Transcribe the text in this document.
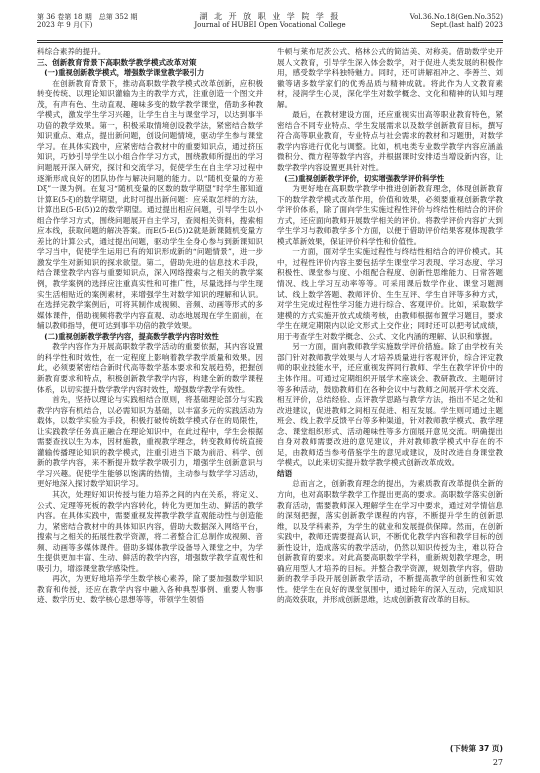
第 36 卷第 18 期　总第 352 期
2023 年 9 月(下)
湖 北 开 放 职 业 学 院 学 报
Journal of HUBEI Open Vocational College
Vol.36.No.18(Gen.No.352)
Sept.(last half) 2023

科综合素养的提升。

三、创新教育背景下高职数学教学模式改革对策

(一)重视创新教学模式，增强数学课堂教学吸引力

在创新教育背景下，推动高职数学教学模式改革创新，应积极转变传统、以理论知识灌输为主的教学方式，注重创造一个图文并茂，有声有色、生动直观、趣味多变的数学教学课堂，借助多种教学模式，激发学生学习兴趣，让学生自主与课堂学习，以达到事半功倍的教学效果。第一，积极采取情境创设教学法，紧密结合数学知识重点、难点，提出新问题，创设问题情境，驱动学生参与课堂学习。在具体实践中，应紧密结合教材中的重要知识点，通过挤压知识，巧妙引导学生以小组合作学习方式，围绕教师所提出的学习问题展开深入研究，探讨和交流学习，促使学生在自主学习过程中逐渐形成良好的团队协作与解决问题的能力。以“随机变量的方差Dξ”一课为例。在复习“随机变量的区数的数学期望”时学生都知道计算E(5-ξ)的数学期望，此时可提出新问题：应采取怎样的方法，计算出E(5-E(5))2的数学期望。通过提出相应问题，引导学生以小组合作学习方式，围绕问题展开自主学习，查阅相关资料，搜索相应本线，获取问题的解决答案。而E(5-E(5))2就是新课随机变量方差比的计算公式，通过提出问题，驱动学生全身心参与到新课知识学习当中，促使学生运用已有的知识形成新的“问题情景”，进一步激发学生对新知识的探求欲望。第二，借助先进的信息技术手段，结合课堂教学内容与重要知识点，深入网络搜索与之相关的教学案例，教学案例的选择应注重真实性和可推广性，尽量选择与学生现实生活相贴近的案例素材，来增强学生对数学知识的理解和认识。在选择完教学案例后，可将其制作成视频、音频、动画等形式的多媒体课件，借助视频将教学内容直观、动态地展现在学生面前，在辅以教师指导，便可达到事半功倍的教学效果。

(二)重视创新教学教学内容，提高数学教学内容时效性

教学内容作为开展高职数学教学活动的重要依据，其内容设置的科学性和时效性，在一定程度上影响着教学教学质量和效果。因此，必须要紧密结合新时代高等数学基本要求和发展趋势，把握创新教育要求和特点，积极创新教学教学内容，构建全新的数学课程体系，以切实提升数学教学内容时效性，增强数学教学有效性。

首先，坚持以理论与实践相结合原则，将基础理论部分与实践教学内容有机结合，以必需知识为基础，以丰富多元的实践活动为载体，以数学实验为手段，积极打破传统数学模式存在的局限性，让实践教学任务真正融合在理论知识中，在此过程中，学生会根据需要查找以生为本，因材施教，重视教学理念，转变教师传统直接灌输传播理论知识的教学模式，注重引进当下最为前沿、科学、创新的教学内容，来不断提升数学教学吸引力，增强学生创新意识与学习兴趣。促使学生能够以饱满的热情，主动参与数学学习活动，更好地深入探讨数学知识学习。

其次，处理好知识传授与能力培养之间的内在关系，将定义、公式、定理等死板的教学内容转化，转化为更加生动、鲜活的教学内容。在具体实践中，需要重视发挥教学教学直观能动性与创造能力，紧密结合教材中的具体知识内容，借助大数据深入网络平台，搜索与之相关的拓展性教学资源，将二者整合汇总制作成视频、音频、动画等多媒体课件。借助多媒体教学设备导入课堂之中，为学生提供更加丰富、生动、鲜活的教学内容，增强数学教学直观性和吸引力，增添课堂教学感染性。

再次，为更好地培养学生数学核心素养，除了要加强数学知识教育和传授，还应在教学内容中融入各种典型事例、重要人物事迹、数学历史、数学核心思想等等，带领学生领悟

牛顿与莱布尼茨公式、格林公式的简洁美、对称美。借助数学史开展人文教育，引导学生深入体会数学，对于促进人类发展的积极作用，感受数学学科独特魅力。同时，还可讲解祖冲之、李善兰、刘徽等诸多数学家们的优秀品质与精神成就。将此作为人文教育素材，浸润学生心灵，深化学生对数学概念、文化和精神的认知与理解。

最后，在教材建设方面，还应重视实出高等职业教育特色，紧密结合不同专业特点、学生发展需求以及数学创新教育目标，撰写符合高等职业教育，专业特点与社会需求的教材和习题册，对数学教学内容进行优化与调整。比如，机电类专业数学教学内容应涵盖微积分、微方程等数学内容，并根据课时安排适当增设新内容，让数学教学内容设置更具针对性。

(三)重视创新教学评价，切实增强教学评价科学性

为更好地在高职数学教学中推进创新教育理念，体现创新教育下的数学教学模式改革作用，价值和效果，必须要重视创新教学教学评价体系，除了面向学生实施过程性评价与终结性相结合的评价方式，还应面向教师开展数学相关的评价。将教学评价内容扩大到学生学习与教师教学多个方面，以便于借助评价结果客观体现教学模式革新效果，保证评价科学性和价值性。

一方面，面对学生实施过程性与终结性相结合的评价模式。其中，过程性评价内容主要包括学生课堂学习表现、学习态度、学习积极性、课堂参与度、小组配合程度、创新性思维能力、日常答题情况、线上学习互动率等等。可采用课后数学作业、课堂习题测试、线上数学答题、教师评价、生生互评、学生自评等多种方式，对学生完成过程性学习能力进行综合、客观评价。比如，采取数学建模的方式实施开放式成绩考核，由教师根据布置学习题目，要求学生在规定期限内以论文形式上交作业；同时还可以把考试成绩，用于考查学生对数学概念、公式、文化内涵的理解、认识和掌握。

另一方面，面向教师教学实施数学评价措施。除了由学校有关部门针对教师教学效果与人才培养质量进行客观评价，综合评定教师的职业技能水平，还应重视发挥同行教师、学生在教学评价中的主体作用。可通过定期组织开展学术座谈会、教研教改、主题研讨等多种活动，鼓励教师们在各种会议中与教师之间展开学术交流、相互评价，总结经验、点评教学思路与教学方法，指出不足之处和改进建议，促进教师之间相互促进、相互发展。学生则可通过主题班会、线上教学反馈平台等多种渠道，针对教师教学模式、教学理念、课堂组织形式、活动趣味性等多方面展开意见交流。明确提出自身对教师需要改进的意见建议，并对教师教学模式中存在的不足，由教师适当参考借鉴学生的意见或建议，及时改进自身课堂教学模式，以此来切实提升数学教学模式创新改革成效。

结语

总而言之，创新教育理念的提出，为素质教育改革提供全新的方向，也对高职数学教学工作提出更高的要求。高职数学落实创新教育活动，需要教师深入理解学生在学习中要求，通过对学情信息的深刻把握，落实创新教学课程的内容，不断提升学生的创新思维，以及学科素养，为学生的就业和发展提供保障。然而，在创新实践中，教师还需要提高认识，不断优化教学内容和教学目标的创新性设计，造成落实的教学活动，仍然以知识传授为主，难以符合创新教育的要求。对此高要高职数学学科，重新规划教学理念，明确应用型人才培养的目标。并整合教学资源，规划教学内容，借助新的教学手段开展创新教学活动，不断提高教学的创新性和实效性。使学生在良好的课堂氛围中，通过睦年的深入互动，完成知识的高效获取，并形成创新思维，达成创新教育改革的目标。

(下转第 37 页)
27
